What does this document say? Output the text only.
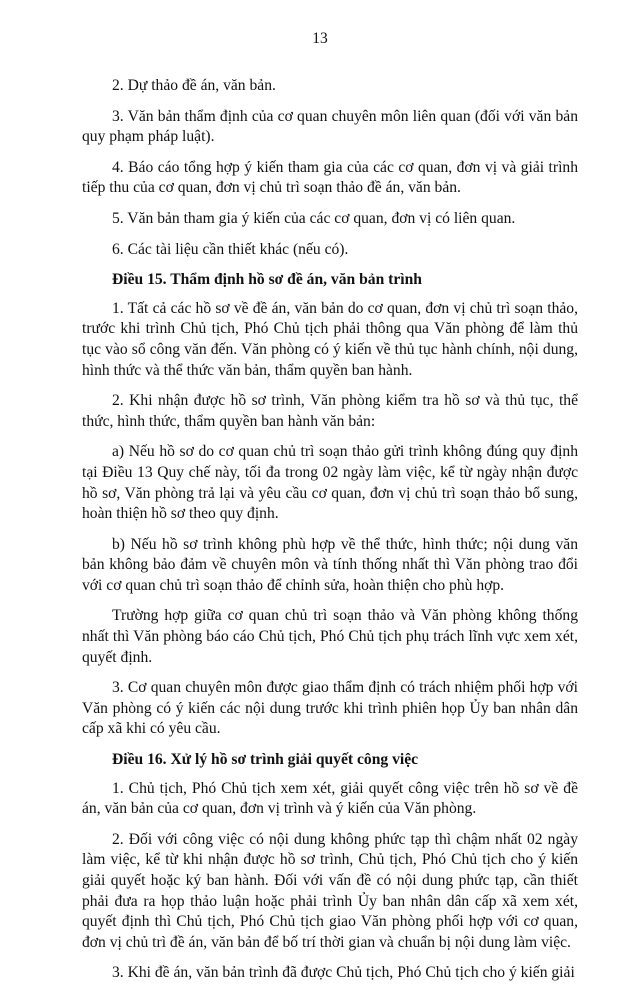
13

2. Dự thảo đề án, văn bản.

3. Văn bản thẩm định của cơ quan chuyên môn liên quan (đối với văn bản quy phạm pháp luật).

4. Báo cáo tổng hợp ý kiến tham gia của các cơ quan, đơn vị và giải trình tiếp thu của cơ quan, đơn vị chủ trì soạn thảo đề án, văn bản.

5. Văn bản tham gia ý kiến của các cơ quan, đơn vị có liên quan.

6. Các tài liệu cần thiết khác (nếu có).

Điều 15. Thẩm định hồ sơ đề án, văn bản trình

1. Tất cả các hồ sơ về đề án, văn bản do cơ quan, đơn vị chủ trì soạn thảo, trước khi trình Chủ tịch, Phó Chủ tịch phải thông qua Văn phòng để làm thủ tục vào sổ công văn đến. Văn phòng có ý kiến về thủ tục hành chính, nội dung, hình thức và thể thức văn bản, thẩm quyền ban hành.

2. Khi nhận được hồ sơ trình, Văn phòng kiểm tra hồ sơ và thủ tục, thể thức, hình thức, thẩm quyền ban hành văn bản:

a) Nếu hồ sơ do cơ quan chủ trì soạn thảo gửi trình không đúng quy định tại Điều 13 Quy chế này, tối đa trong 02 ngày làm việc, kể từ ngày nhận được hồ sơ, Văn phòng trả lại và yêu cầu cơ quan, đơn vị chủ trì soạn thảo bổ sung, hoàn thiện hồ sơ theo quy định.

b) Nếu hồ sơ trình không phù hợp về thể thức, hình thức; nội dung văn bản không bảo đảm về chuyên môn và tính thống nhất thì Văn phòng trao đổi với cơ quan chủ trì soạn thảo để chỉnh sửa, hoàn thiện cho phù hợp.

Trường hợp giữa cơ quan chủ trì soạn thảo và Văn phòng không thống nhất thì Văn phòng báo cáo Chủ tịch, Phó Chủ tịch phụ trách lĩnh vực xem xét, quyết định.

3. Cơ quan chuyên môn được giao thẩm định có trách nhiệm phối hợp với Văn phòng có ý kiến các nội dung trước khi trình phiên họp Ủy ban nhân dân cấp xã khi có yêu cầu.

Điều 16. Xử lý hồ sơ trình giải quyết công việc

1. Chủ tịch, Phó Chủ tịch xem xét, giải quyết công việc trên hồ sơ về đề án, văn bản của cơ quan, đơn vị trình và ý kiến của Văn phòng.

2. Đối với công việc có nội dung không phức tạp thì chậm nhất 02 ngày làm việc, kể từ khi nhận được hồ sơ trình, Chủ tịch, Phó Chủ tịch cho ý kiến giải quyết hoặc ký ban hành. Đối với vấn đề có nội dung phức tạp, cần thiết phải đưa ra họp thảo luận hoặc phải trình Ủy ban nhân dân cấp xã xem xét, quyết định thì Chủ tịch, Phó Chủ tịch giao Văn phòng phối hợp với cơ quan, đơn vị chủ trì đề án, văn bản để bố trí thời gian và chuẩn bị nội dung làm việc.

3. Khi đề án, văn bản trình đã được Chủ tịch, Phó Chủ tịch cho ý kiến giải
